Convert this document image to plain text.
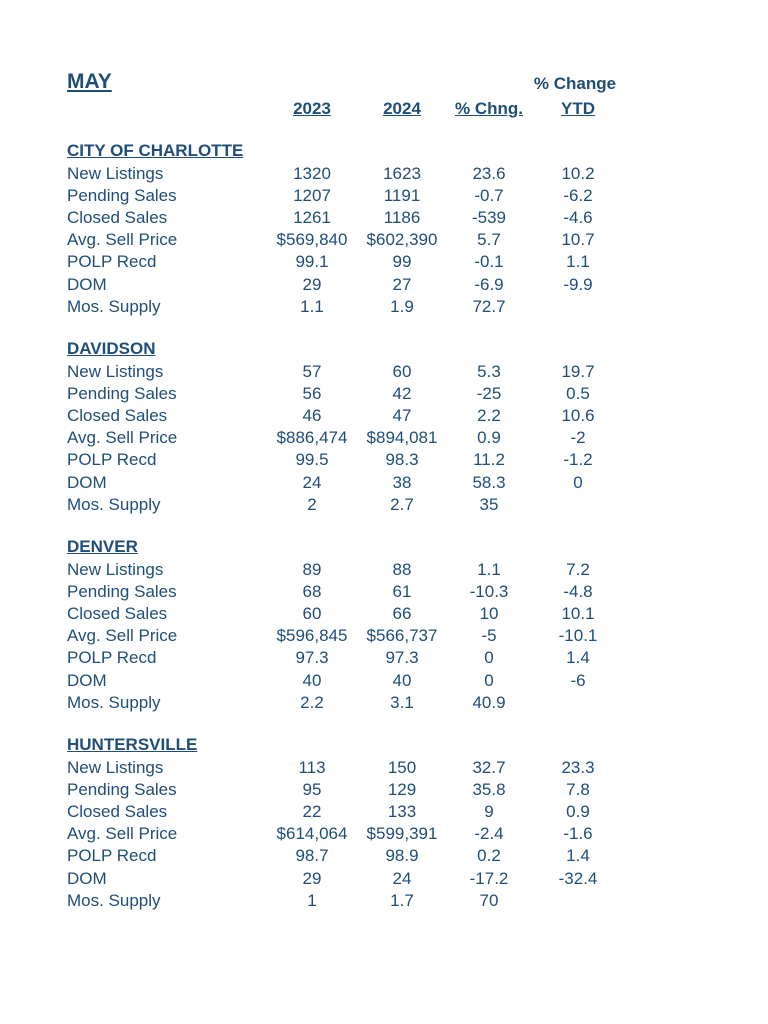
MAY	% Change
2023	2024	% Chng.	YTD
CITY OF CHARLOTTE
New Listings	1320	1623	23.6	10.2
Pending Sales	1207	1191	-0.7	-6.2
Closed Sales	1261	1186	-539	-4.6
Avg. Sell Price	$569,840	$602,390	5.7	10.7
POLP Recd	99.1	99	-0.1	1.1
DOM	29	27	-6.9	-9.9
Mos. Supply	1.1	1.9	72.7
DAVIDSON
New Listings	57	60	5.3	19.7
Pending Sales	56	42	-25	0.5
Closed Sales	46	47	2.2	10.6
Avg. Sell Price	$886,474	$894,081	0.9	-2
POLP Recd	99.5	98.3	11.2	-1.2
DOM	24	38	58.3	0
Mos. Supply	2	2.7	35
DENVER
New Listings	89	88	1.1	7.2
Pending Sales	68	61	-10.3	-4.8
Closed Sales	60	66	10	10.1
Avg. Sell Price	$596,845	$566,737	-5	-10.1
POLP Recd	97.3	97.3	0	1.4
DOM	40	40	0	-6
Mos. Supply	2.2	3.1	40.9
HUNTERSVILLE
New Listings	113	150	32.7	23.3
Pending Sales	95	129	35.8	7.8
Closed Sales	22	133	9	0.9
Avg. Sell Price	$614,064	$599,391	-2.4	-1.6
POLP Recd	98.7	98.9	0.2	1.4
DOM	29	24	-17.2	-32.4
Mos. Supply	1	1.7	70
